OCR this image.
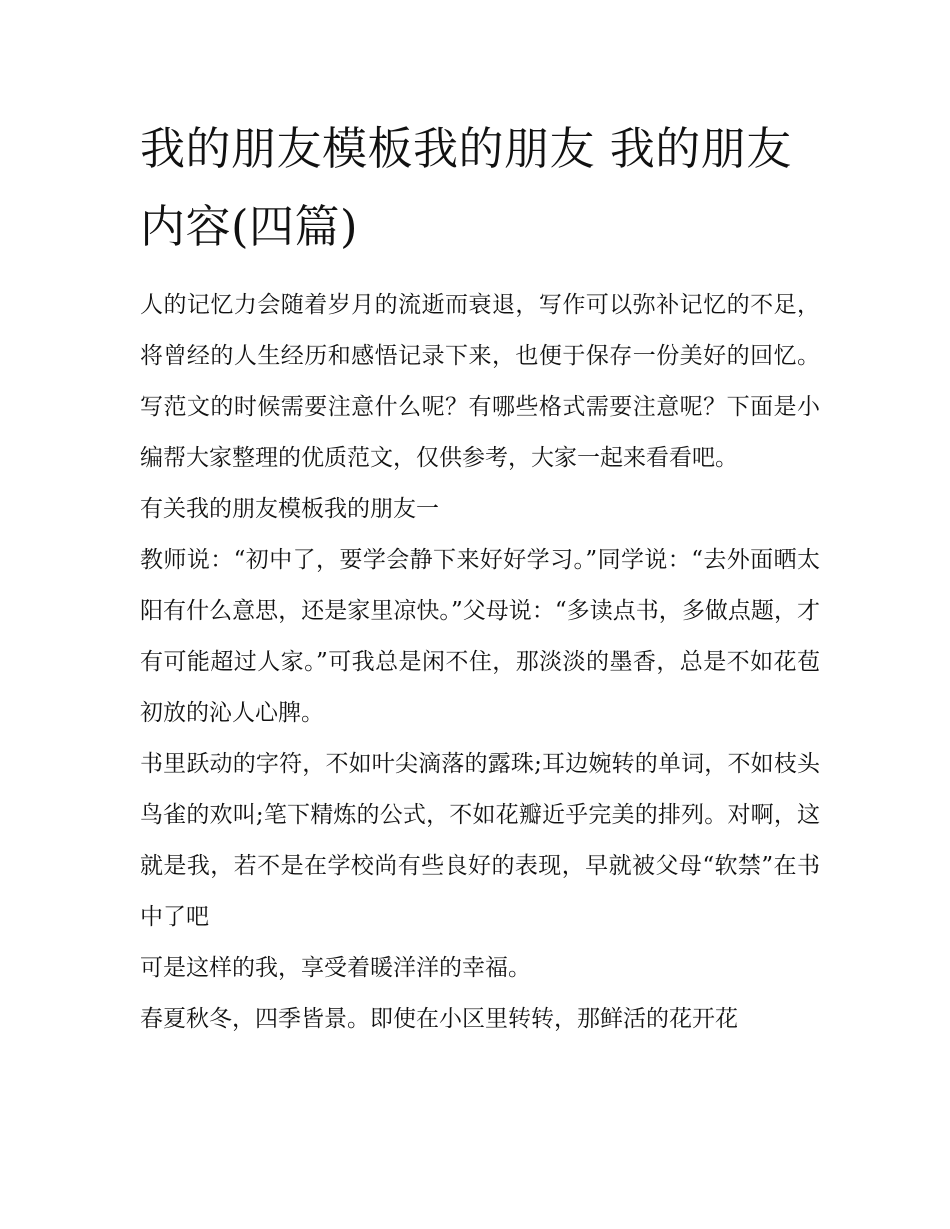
我的朋友模板我的朋友 我的朋友内容(四篇)

人的记忆力会随着岁月的流逝而衰退，写作可以弥补记忆的不足，将曾经的人生经历和感悟记录下来，也便于保存一份美好的回忆。写范文的时候需要注意什么呢？有哪些格式需要注意呢？下面是小编帮大家整理的优质范文，仅供参考，大家一起来看看吧。

有关我的朋友模板我的朋友一

教师说：“初中了，要学会静下来好好学习。”同学说：“去外面晒太阳有什么意思，还是家里凉快。”父母说：“多读点书，多做点题，才有可能超过人家。”可我总是闲不住，那淡淡的墨香，总是不如花苞初放的沁人心脾。

书里跃动的字符，不如叶尖滴落的露珠;耳边婉转的单词，不如枝头鸟雀的欢叫;笔下精炼的公式，不如花瓣近乎完美的排列。对啊，这就是我，若不是在学校尚有些良好的表现，早就被父母“软禁”在书中了吧

可是这样的我，享受着暖洋洋的幸福。

春夏秋冬，四季皆景。即使在小区里转转，那鲜活的花开花
